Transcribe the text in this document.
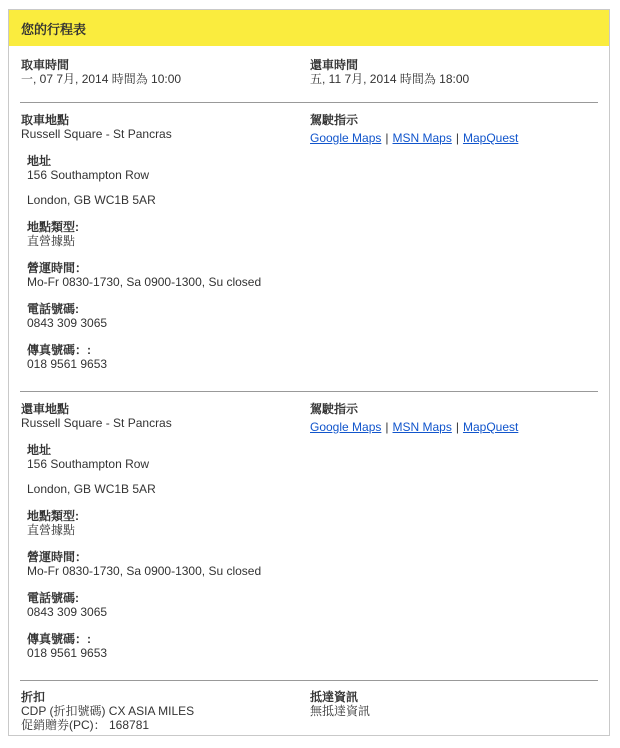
您的行程表
取車時間
一, 07 7月, 2014 時間為 10:00
還車時間
五, 11 7月, 2014 時間為 18:00
取車地點
Russell Square - St Pancras
地址
156 Southampton Row
London, GB WC1B 5AR
地點類型:
直營據點
營運時間：
Mo-Fr 0830-1730, Sa 0900-1300, Su closed
電話號碼:
0843 309 3065
傳真號碼：:
018 9561 9653
駕駛指示
Google Maps | MSN Maps | MapQuest
還車地點
Russell Square - St Pancras
地址
156 Southampton Row
London, GB WC1B 5AR
地點類型:
直營據點
營運時間：
Mo-Fr 0830-1730, Sa 0900-1300, Su closed
電話號碼:
0843 309 3065
傳真號碼：:
018 9561 9653
駕駛指示
Google Maps | MSN Maps | MapQuest
折扣
CDP (折扣號碼) CX ASIA MILES
促銷贈券(PC)： 168781
抵達資訊
無抵達資訊
